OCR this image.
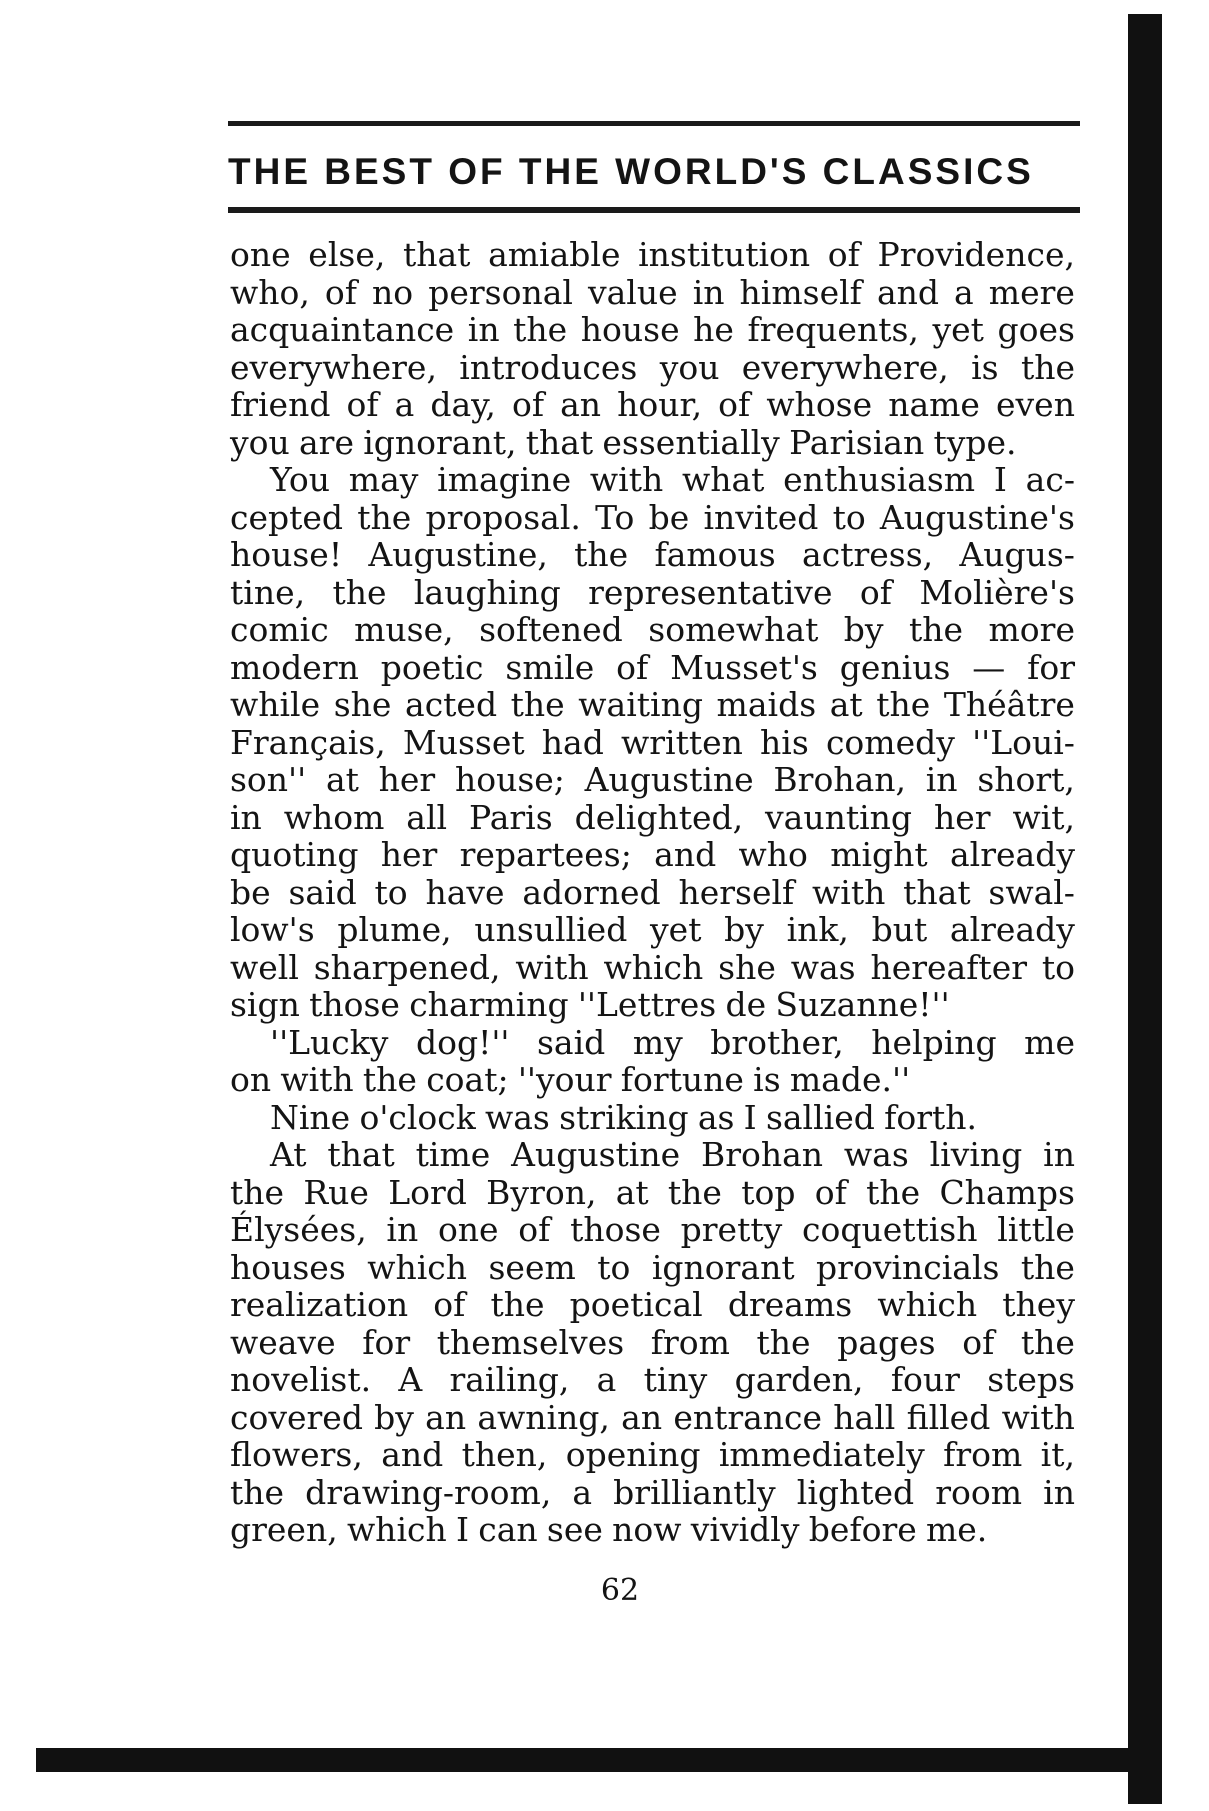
THE BEST OF THE WORLD'S CLASSICS
one else, that amiable institution of Providence,
who, of no personal value in himself and a mere
acquaintance in the house he frequents, yet goes
everywhere, introduces you everywhere, is the
friend of a day, of an hour, of whose name even
you are ignorant, that essentially Parisian type.
You may imagine with what enthusiasm I ac-
cepted the proposal. To be invited to Augustine's
house! Augustine, the famous actress, Augus-
tine, the laughing representative of Molière's
comic muse, softened somewhat by the more
modern poetic smile of Musset's genius — for
while she acted the waiting maids at the Théâtre
Français, Musset had written his comedy ''Loui-
son'' at her house; Augustine Brohan, in short,
in whom all Paris delighted, vaunting her wit,
quoting her repartees; and who might already
be said to have adorned herself with that swal-
low's plume, unsullied yet by ink, but already
well sharpened, with which she was hereafter to
sign those charming ''Lettres de Suzanne!''
''Lucky dog!'' said my brother, helping me
on with the coat; ''your fortune is made.''
Nine o'clock was striking as I sallied forth.
At that time Augustine Brohan was living in
the Rue Lord Byron, at the top of the Champs
Élysées, in one of those pretty coquettish little
houses which seem to ignorant provincials the
realization of the poetical dreams which they
weave for themselves from the pages of the
novelist. A railing, a tiny garden, four steps
covered by an awning, an entrance hall filled with
flowers, and then, opening immediately from it,
the drawing-room, a brilliantly lighted room in
green, which I can see now vividly before me.
62
